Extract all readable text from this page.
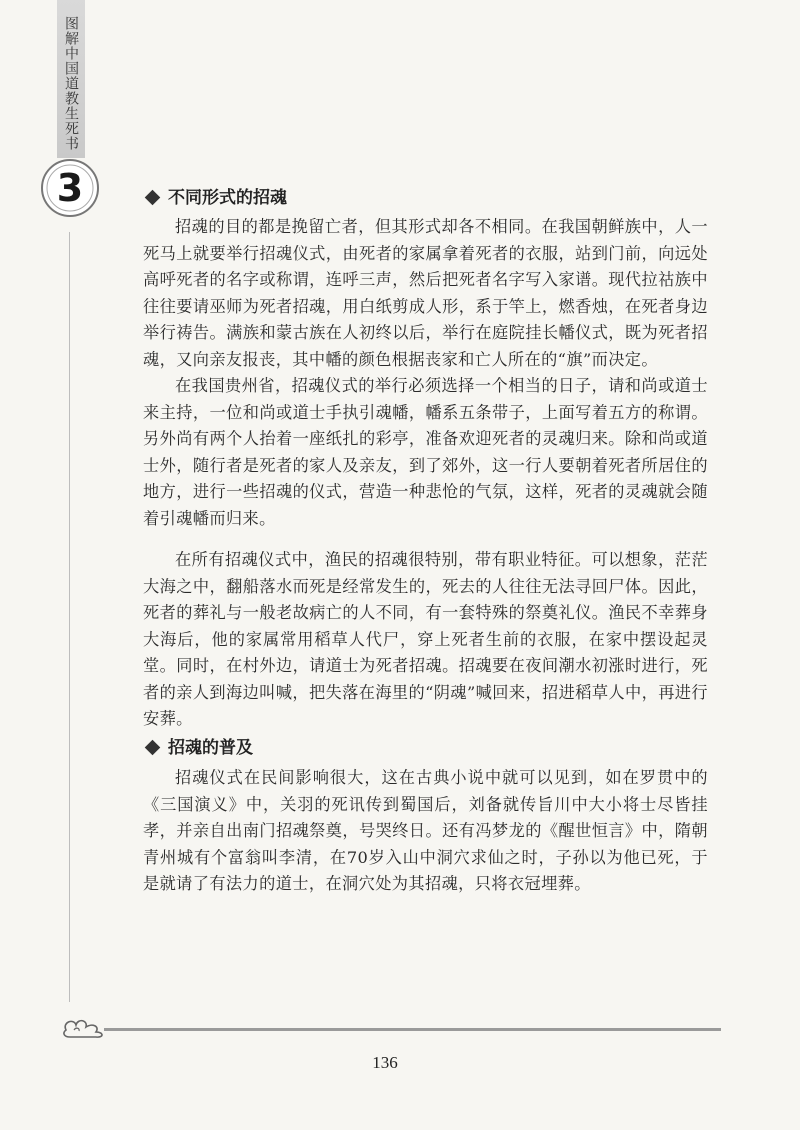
图解中国道教生死书
3	不同形式的招魂

招魂的目的都是挽留亡者，但其形式却各不相同。在我国朝鲜族中，人一死马上就要举行招魂仪式，由死者的家属拿着死者的衣服，站到门前，向远处高呼死者的名字或称谓，连呼三声，然后把死者名字写入家谱。现代拉祜族中往往要请巫师为死者招魂，用白纸剪成人形，系于竿上，燃香烛，在死者身边举行祷告。满族和蒙古族在人初终以后，举行在庭院挂长幡仪式，既为死者招魂，又向亲友报丧，其中幡的颜色根据丧家和亡人所在的“旗”而决定。

在我国贵州省，招魂仪式的举行必须选择一个相当的日子，请和尚或道士来主持，一位和尚或道士手执引魂幡，幡系五条带子，上面写着五方的称谓。另外尚有两个人抬着一座纸扎的彩亭，准备欢迎死者的灵魂归来。除和尚或道士外，随行者是死者的家人及亲友，到了郊外，这一行人要朝着死者所居住的地方，进行一些招魂的仪式，营造一种悲怆的气氛，这样，死者的灵魂就会随着引魂幡而归来。

在所有招魂仪式中，渔民的招魂很特别，带有职业特征。可以想象，茫茫大海之中，翻船落水而死是经常发生的，死去的人往往无法寻回尸体。因此，死者的葬礼与一般老故病亡的人不同，有一套特殊的祭奠礼仪。渔民不幸葬身大海后，他的家属常用稻草人代尸，穿上死者生前的衣服，在家中摆设起灵堂。同时，在村外边，请道士为死者招魂。招魂要在夜间潮水初涨时进行，死者的亲人到海边叫喊，把失落在海里的“阴魂”喊回来，招进稻草人中，再进行安葬。

招魂的普及

招魂仪式在民间影响很大，这在古典小说中就可以见到，如在罗贯中的《三国演义》中，关羽的死讯传到蜀国后，刘备就传旨川中大小将士尽皆挂孝，并亲自出南门招魂祭奠，号哭终日。还有冯梦龙的《醒世恒言》中，隋朝青州城有个富翁叫李清，在70岁入山中洞穴求仙之时，子孙以为他已死，于是就请了有法力的道士，在洞穴处为其招魂，只将衣冠埋葬。

136
